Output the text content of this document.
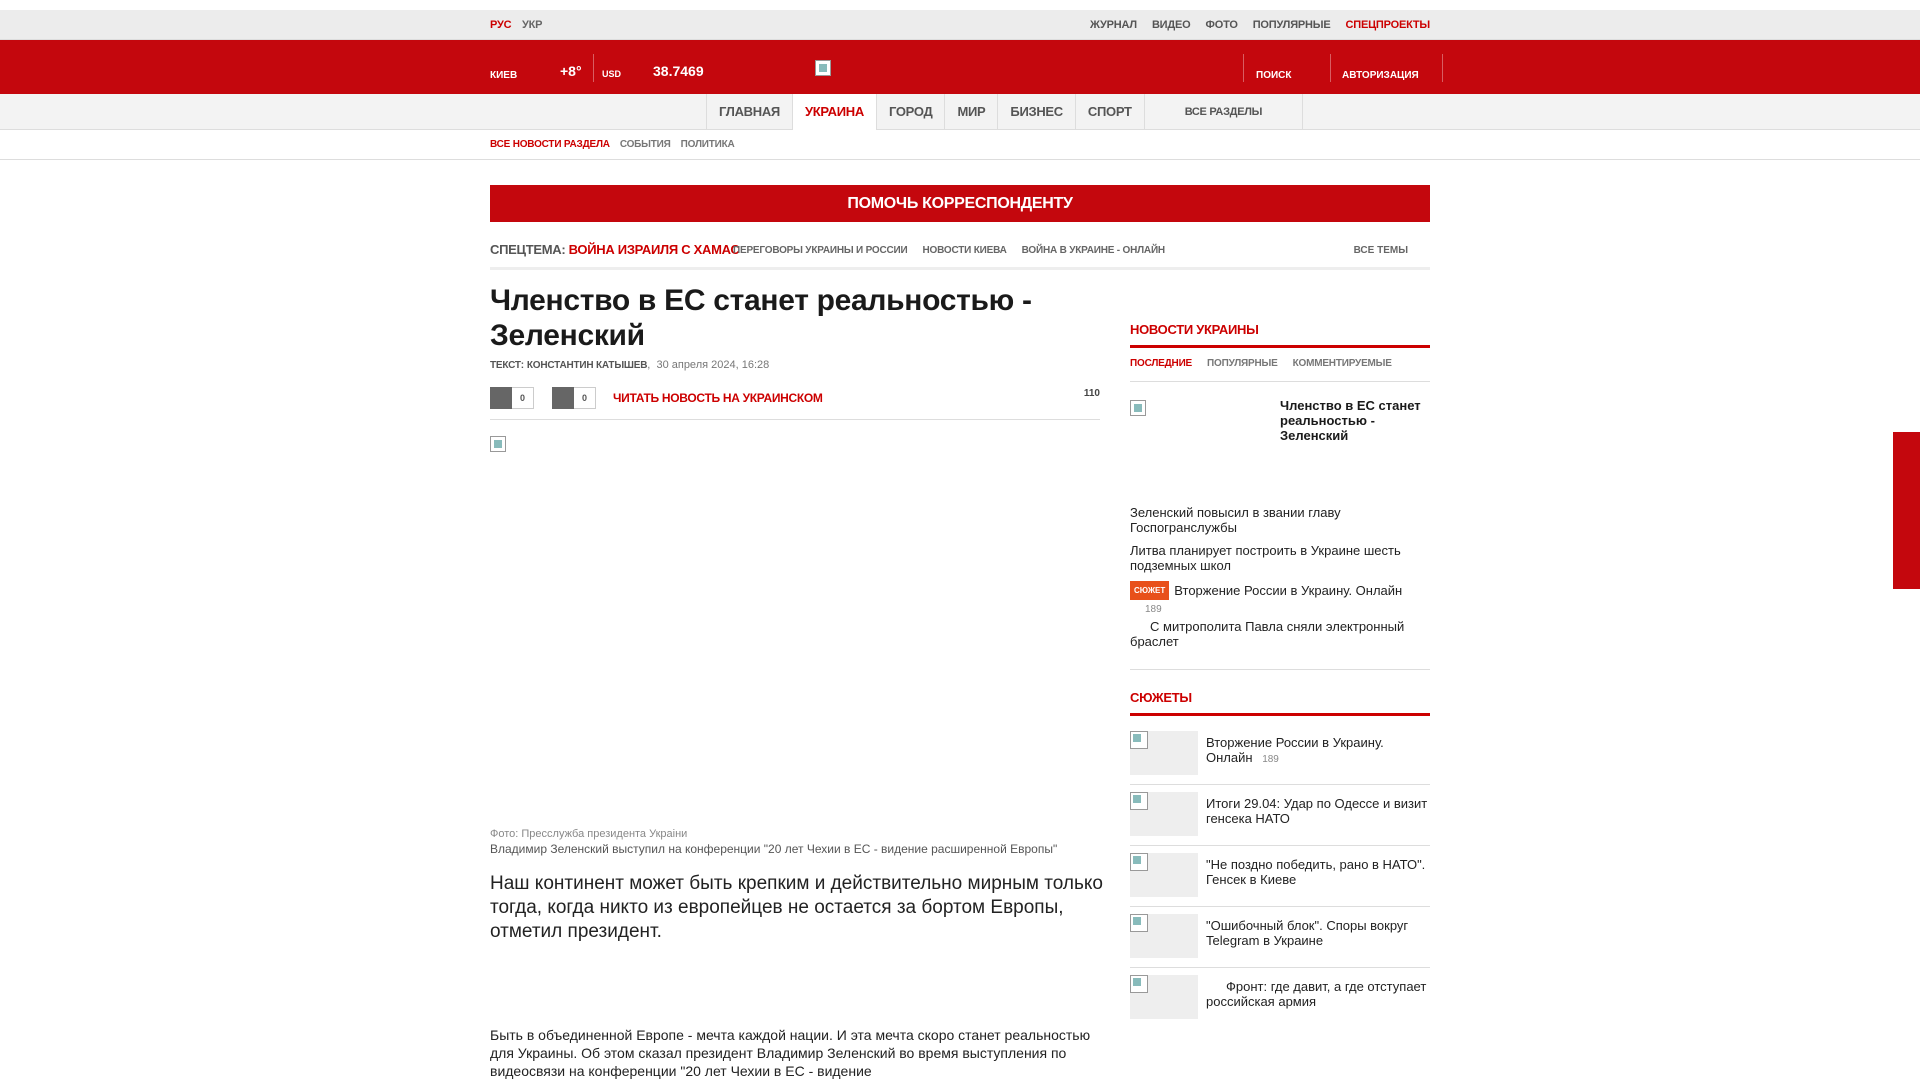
РУС УКР	ЖУРНАЛ ВИДЕО ФОТО ПОПУЛЯРНЫЕ СПЕЦПРОЕКТЫ
КИЕВ	+8° USD 38.7469	ПОИСК	АВТОРИЗАЦИЯ
ГЛАВНАЯ	УКРАИНА	ГОРОД	МИР	БИЗНЕС	СПОРТ	ВСЕ РАЗДЕЛЫ
ВСЕ НОВОСТИ РАЗДЕЛА СОБЫТИЯ ПОЛИТИКА
ПОМОЧЬ КОРРЕСПОНДЕНТУ
СПЕЦТЕМА: ВОЙНА ИЗРАИЛЯ С ХАМАС
ПЕРЕГОВОРЫ УКРАИНЫ И РОССИИ НОВОСТИ КИЕВА ВОЙНА В УКРАИНЕ - ОНЛАЙН	ВСЕ ТЕМЫ
Членство в ЕС станет реальностью - Зеленский
ТЕКСТ: КОНСТАНТИН КАТЫШЕВ,  30 апреля 2024, 16:28
0	0	ЧИТАТЬ НОВОСТЬ НА УКРАИНСКОМ	110
Фото: Пресслужба президента Украіни
Владимир Зеленский выступил на конференции "20 лет Чехии в ЕС - видение расширенной Европы"

Наш континент может быть крепким и действительно мирным только тогда, когда никто из европейцев не остается за бортом Европы, отметил президент.

Быть в объединенной Европе - мечта каждой нации. И эта мечта скоро станет реальностью для Украины. Об этом сказал президент Владимир Зеленский во время выступления по видеосвязи на конференции "20 лет Чехии в ЕС - видение

НОВОСТИ УКРАИНЫ
ПОСЛЕДНИЕ ПОПУЛЯРНЫЕ КОММЕНТИРУЕМЫЕ
Членство в ЕС станет реальностью - Зеленский
Зеленский повысил в звании главу Госпогранслужбы
Литва планирует построить в Украине шесть подземных школ
СЮЖЕТ Вторжение России в Украину. Онлайн
189
С митрополита Павла сняли электронный браслет
СЮЖЕТЫ
Вторжение России в Украину. Онлайн 189
Итоги 29.04: Удар по Одессе и визит генсека НАТО
"Не поздно победить, рано в НАТО". Генсек в Киеве
"Ошибочный блок". Споры вокруг Telegram в Украине
Фронт: где давит, а где отступает российская армия
